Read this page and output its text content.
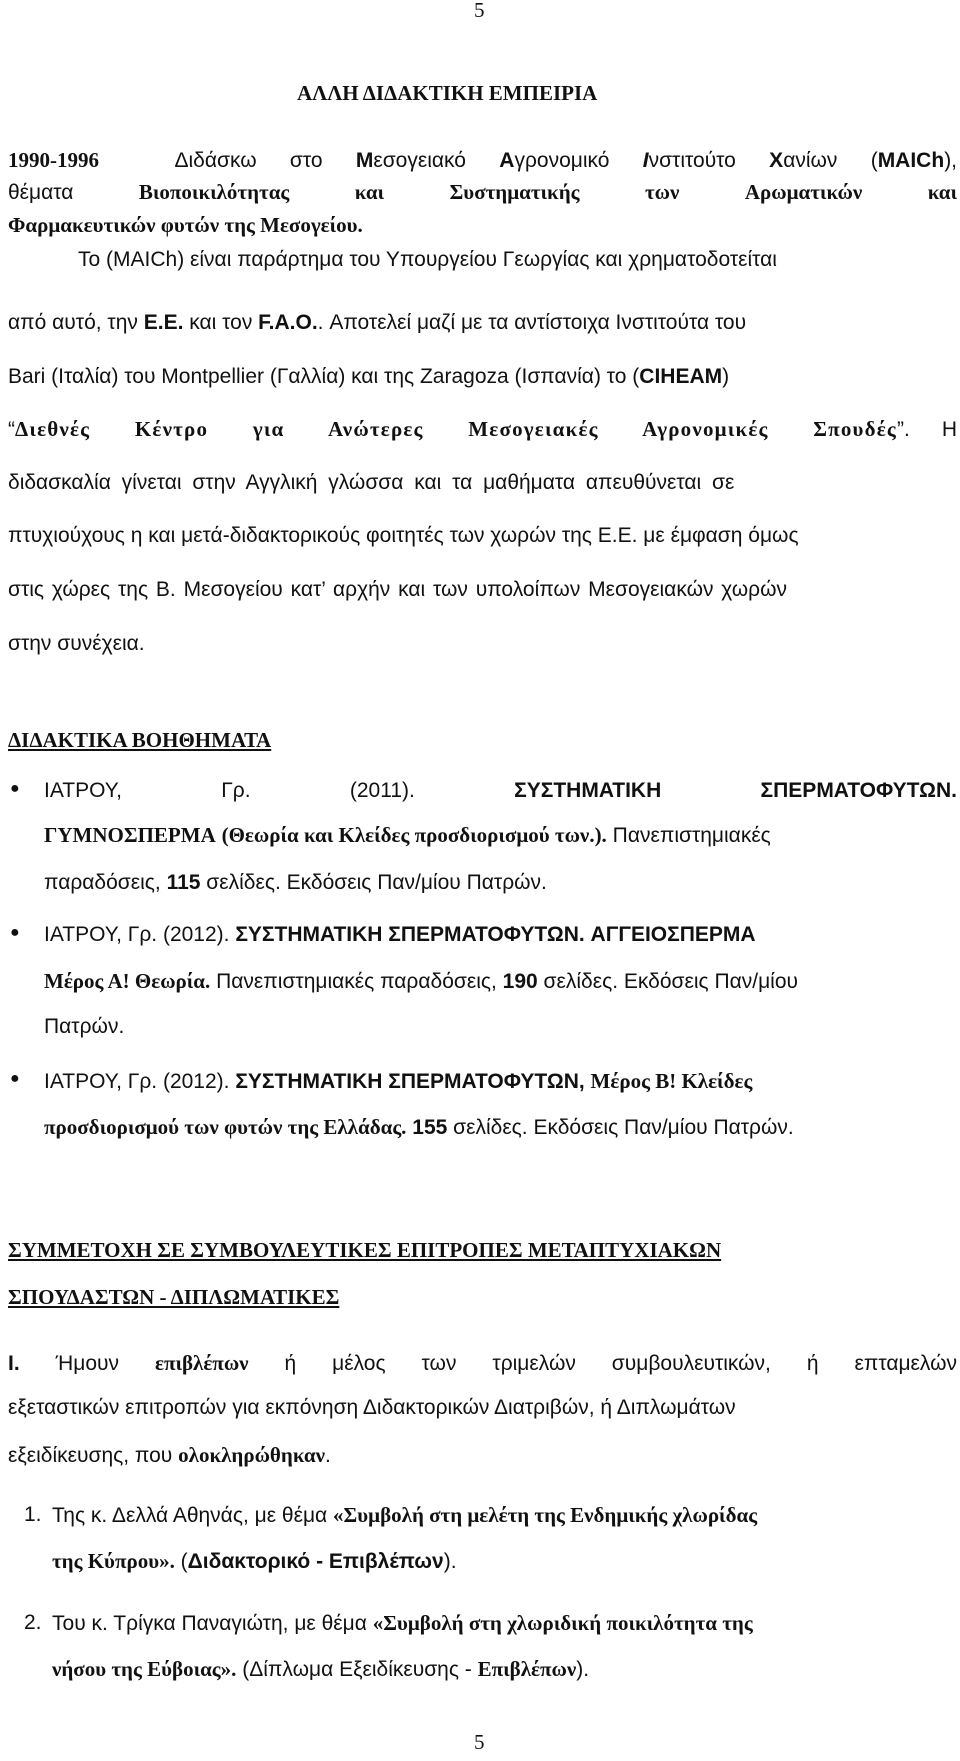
5
ΑΛΛΗ ΔΙΔΑΚΤΙΚΗ ΕΜΠΕΙΡΙΑ
1990-1996	Διδάσκω στο Μεσογειακό Αγρονομικό Ινστιτούτο Χανίων (MAICh),
θέματα	Βιοποικιλότητας	και	Συστηματικής	των	Αρωματικών	και
Φαρμακευτικών φυτών της Μεσογείου.
Το (MAICh) είναι παράρτημα του Υπουργείου Γεωργίας και χρηματοδοτείται
από αυτό, την Ε.Ε. και τον F.A.O.. Αποτελεί μαζί με τα αντίστοιχα Ινστιτούτα του
Bari (Ιταλία) του Montpellier (Γαλλία) και της Zaragoza (Ισπανία) το (CIHEAM)
“Διεθνές Κέντρο για Ανώτερες Μεσογειακές Αγρονομικές Σπουδές”. Η
διδασκαλία γίνεται στην Αγγλική γλώσσα και τα μαθήματα απευθύνεται σε
πτυχιούχους η και μετά-διδακτορικούς φοιτητές των χωρών της Ε.Ε. με έμφαση όμως
στις χώρες της Β. Μεσογείου κατ’ αρχήν και των υπολοίπων Μεσογειακών χωρών
στην συνέχεια.
ΔΙΔΑΚΤΙΚΑ ΒΟΗΘΗΜΑΤΑ
● ΙΑΤΡΟΥ,	Γρ.	(2011).	ΣΥΣΤΗΜΑΤΙΚΗ	ΣΠΕΡΜΑΤΟΦΥΤΩΝ.
ΓΥΜΝΟΣΠΕΡΜΑ (Θεωρία και Κλείδες προσδιορισμού των.). Πανεπιστημιακές
παραδόσεις, 115 σελίδες. Εκδόσεις Παν/μίου Πατρών.
● ΙΑΤΡΟΥ, Γρ. (2012). ΣΥΣΤΗΜΑΤΙΚΗ ΣΠΕΡΜΑΤΟΦΥΤΩΝ. ΑΓΓΕΙΟΣΠΕΡΜΑ
Μέρος Α! Θεωρία. Πανεπιστημιακές παραδόσεις, 190 σελίδες. Εκδόσεις Παν/μίου
Πατρών.
● ΙΑΤΡΟΥ, Γρ. (2012). ΣΥΣΤΗΜΑΤΙΚΗ ΣΠΕΡΜΑΤΟΦΥΤΩΝ, Μέρος Β! Κλείδες
προσδιορισμού των φυτών της Ελλάδας. 155 σελίδες. Εκδόσεις Παν/μίου Πατρών.
ΣΥΜΜΕΤΟΧΗ ΣΕ ΣΥΜΒΟΥΛΕΥΤΙΚΕΣ ΕΠΙΤΡΟΠΕΣ ΜΕΤΑΠΤΥΧΙΑΚΩΝ
ΣΠΟΥΔΑΣΤΩΝ - ΔΙΠΛΩΜΑΤΙΚΕΣ
I. Ήμουν επιβλέπων ή μέλος των τριμελών συμβουλευτικών, ή επταμελών
εξεταστικών επιτροπών για εκπόνηση Διδακτορικών Διατριβών, ή Διπλωμάτων
εξειδίκευσης, που ολοκληρώθηκαν.
1. Της κ. Δελλά Αθηνάς, με θέμα «Συμβολή στη μελέτη της Ενδημικής χλωρίδας
της Κύπρου». (Διδακτορικό - Επιβλέπων).
2. Του κ. Τρίγκα Παναγιώτη, με θέμα «Συμβολή στη χλωριδική ποικιλότητα της
νήσου της Εύβοιας». (Δίπλωμα Εξειδίκευσης - Επιβλέπων).
5
